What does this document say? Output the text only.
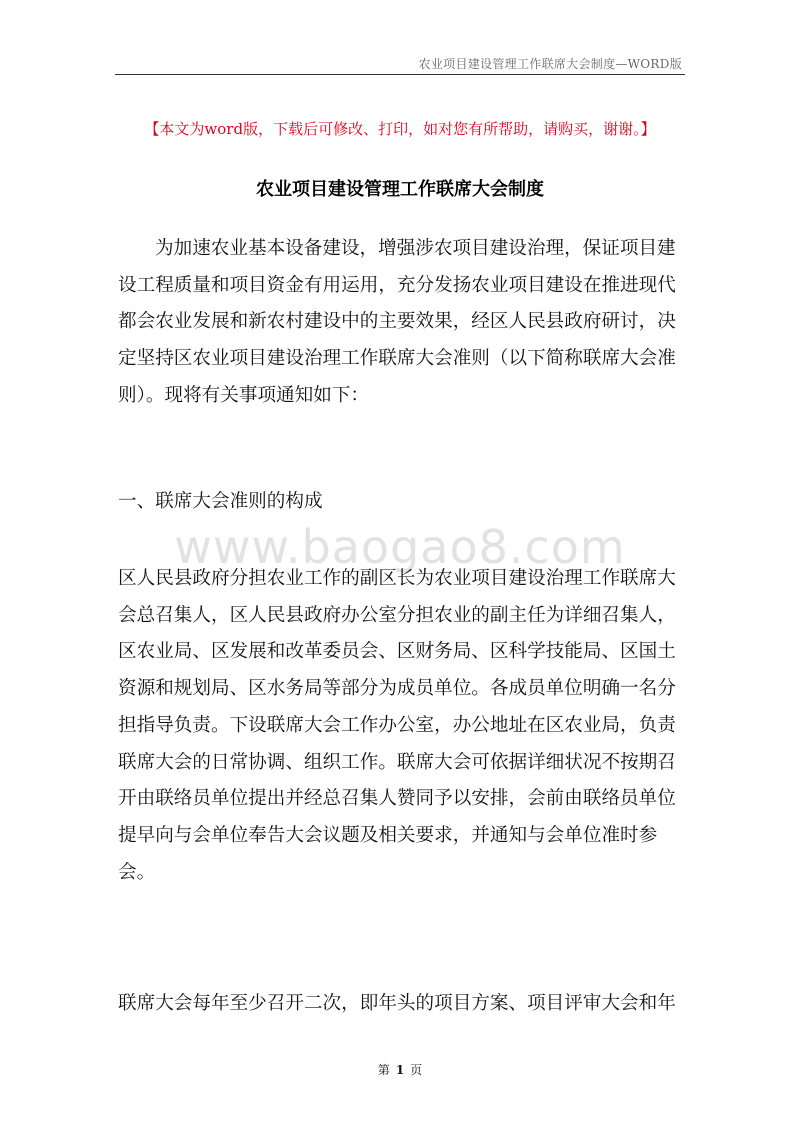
农业项目建设管理工作联席大会制度—WORD版
【本文为word版，下载后可修改、打印，如对您有所帮助，请购买，谢谢。】
农业项目建设管理工作联席大会制度

为加速农业基本设备建设，增强涉农项目建设治理，保证项目建设工程质量和项目资金有用运用，充分发扬农业项目建设在推进现代都会农业发展和新农村建设中的主要效果，经区人民县政府研讨，决定坚持区农业项目建设治理工作联席大会准则（以下简称联席大会准则）。现将有关事项通知如下：

一、联席大会准则的构成
www.baogao8.com

区人民县政府分担农业工作的副区长为农业项目建设治理工作联席大会总召集人，区人民县政府办公室分担农业的副主任为详细召集人，区农业局、区发展和改革委员会、区财务局、区科学技能局、区国土资源和规划局、区水务局等部分为成员单位。各成员单位明确一名分担指导负责。下设联席大会工作办公室，办公地址在区农业局，负责联席大会的日常协调、组织工作。联席大会可依据详细状况不按期召开由联络员单位提出并经总召集人赞同予以安排，会前由联络员单位提早向与会单位奉告大会议题及相关要求，并通知与会单位准时参会。

联席大会每年至少召开二次，即年头的项目方案、项目评审大会和年

第 1 页
